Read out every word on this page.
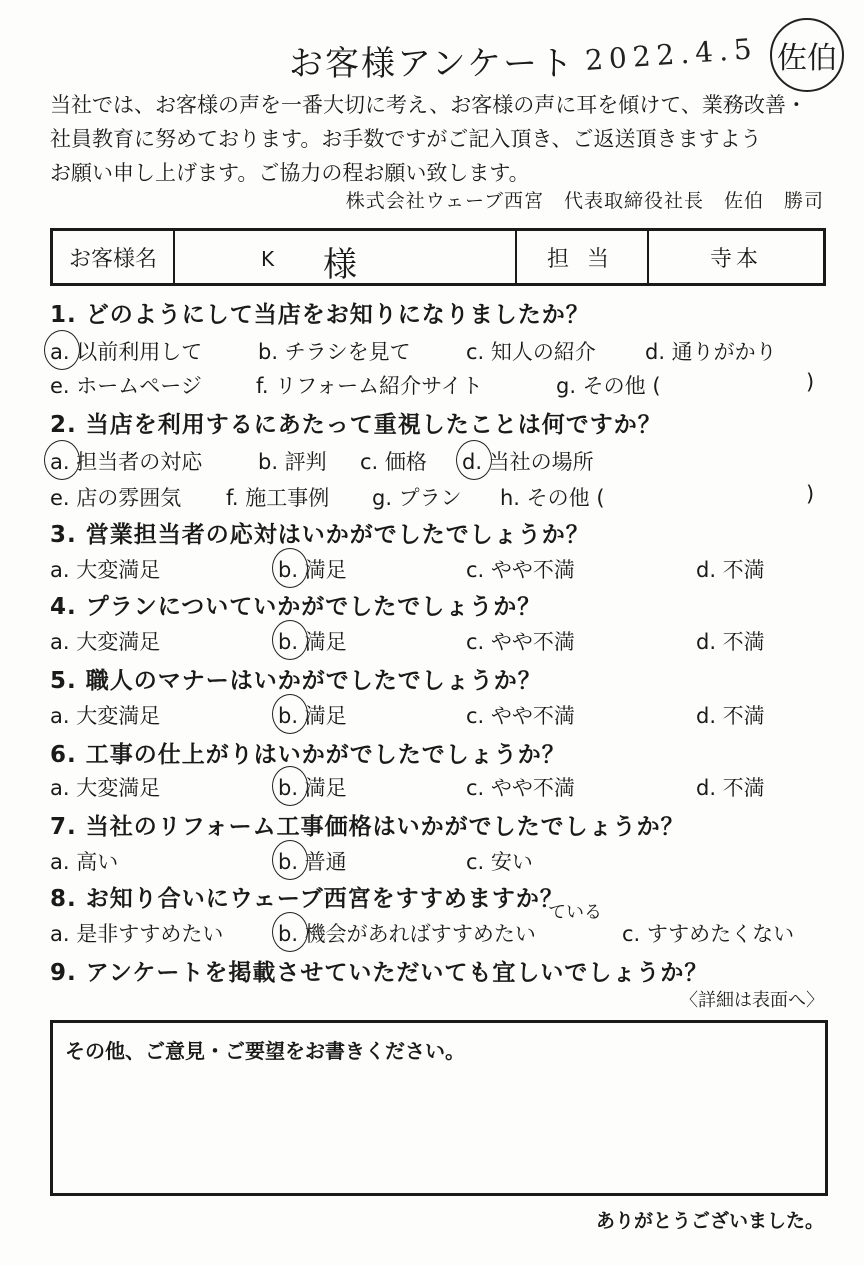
お客様アンケート 2022.4.5 佐伯
当社では、お客様の声を一番大切に考え、お客様の声に耳を傾けて、業務改善・
社員教育に努めております。お手数ですがご記入頂き、ご返送頂きますよう
お願い申し上げます。ご協力の程お願い致します。
株式会社ウェーブ西宮　代表取締役社長　佐伯　勝司
お客様名	K 様	担当	寺本
1. どのようにして当店をお知りになりましたか？
a. 以前利用して	b. チラシを見て	c. 知人の紹介 d. 通りがかり
e. ホームページ	f. リフォーム紹介サイト	g. その他 (	)
2. 当店を利用するにあたって重視したことは何ですか？
a. 担当者の対応	b. 評判 c. 価格 d. 当社の場所
e. 店の雰囲気 f. 施工事例 g. プラン h. その他 (	)
3. 営業担当者の応対はいかがでしたでしょうか？
a. 大変満足	b. 満足	c. やや不満	d. 不満
4. プランについていかがでしたでしょうか？
a. 大変満足	b. 満足	c. やや不満	d. 不満
5. 職人のマナーはいかがでしたでしょうか？
a. 大変満足	b. 満足	c. やや不満	d. 不満
6. 工事の仕上がりはいかがでしたでしょうか？
a. 大変満足	b. 満足	c. やや不満	d. 不満
7. 当社のリフォーム工事価格はいかがでしたでしょうか？
a. 高い	b. 普通	c. 安い
8. お知り合いにウェーブ西宮をすすめますか？
ている
a. 是非すすめたい	b. 機会があればすすめたい	c. すすめたくない
9. アンケートを掲載させていただいても宜しいでしょうか？
〈詳細は表面へ〉
その他、ご意見・ご要望をお書きください。
ありがとうございました。
